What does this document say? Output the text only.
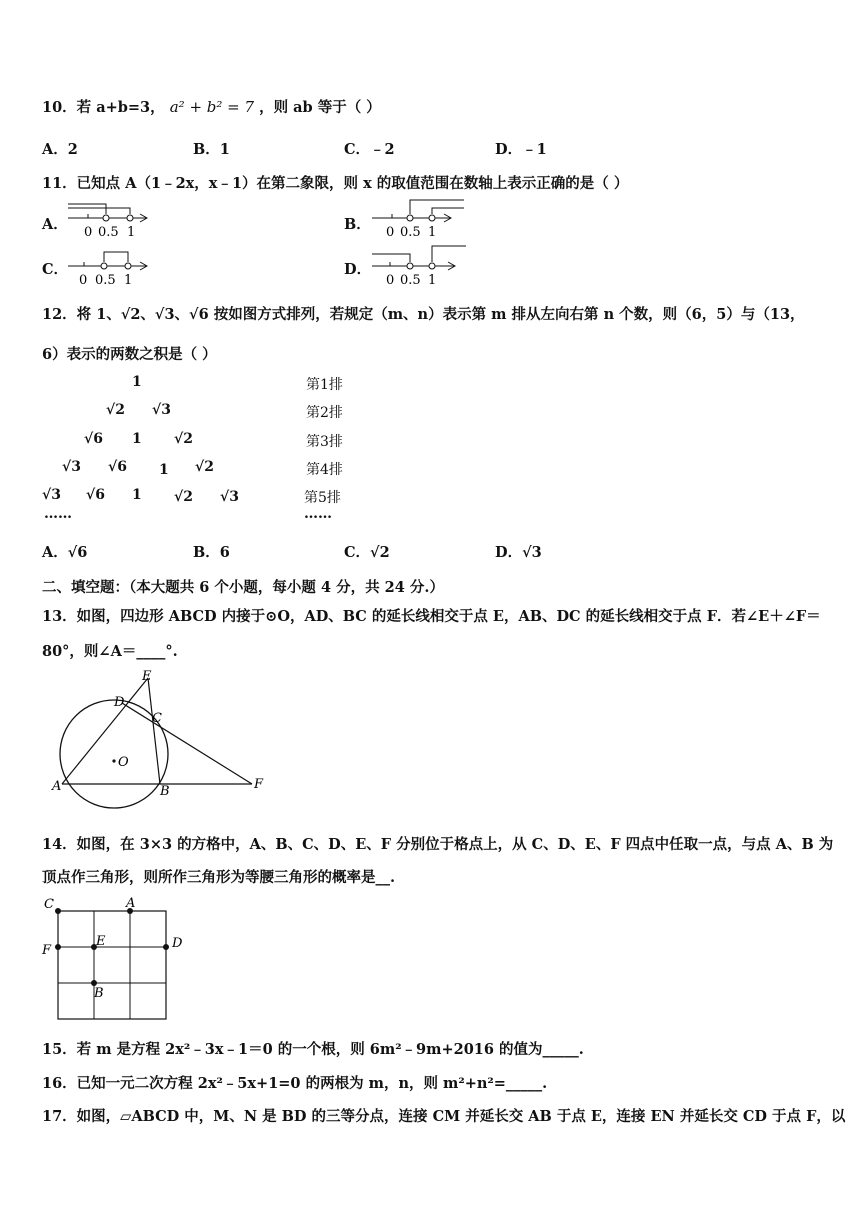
10．若 a+b=3， a² + b² = 7 ，则 ab 等于（ ）
A．2	B．1	C．﹣2	D．﹣1
11．已知点 A（1﹣2x，x﹣1）在第二象限，则 x 的取值范围在数轴上表示正确的是（ ）
A．	B．
C．	D．
0 0.5 1	0 0.5 1
0 0.5 1	0 0.5 1
12．将 1、√2、√3、√6 按如图方式排列，若规定（m、n）表示第 m 排从左向右第 n 个数，则（6，5）与（13，
6）表示的两数之积是（ ）
1
√2 √3
√6 1 √2
√3 √6 1 √2
√3 √6 1 √2 √3
……
第1排
第2排
第3排
第4排
第5排
……
A．√6	B．6	C．√2	D．√3
二、填空题：（本大题共 6 个小题，每小题 4 分，共 24 分.）
13．如图，四边形 ABCD 内接于⊙O，AD、BC 的延长线相交于点 E，AB、DC 的延长线相交于点 F．若∠E＋∠F＝
80°，则∠A＝____°.
A	B
C
D
E
F
O
14．如图，在 3×3 的方格中，A、B、C、D、E、F 分别位于格点上，从 C、D、E、F 四点中任取一点，与点 A、B 为
顶点作三角形，则所作三角形为等腰三角形的概率是__.
C	A
F
E	D
B
15．若 m 是方程 2x²﹣3x﹣1＝0 的一个根，则 6m²﹣9m+2016 的值为_____.
16．已知一元二次方程 2x²﹣5x+1=0 的两根为 m，n，则 m²+n²=_____.
17．如图，▱ABCD 中，M、N 是 BD 的三等分点，连接 CM 并延长交 AB 于点 E，连接 EN 并延长交 CD 于点 F，以
